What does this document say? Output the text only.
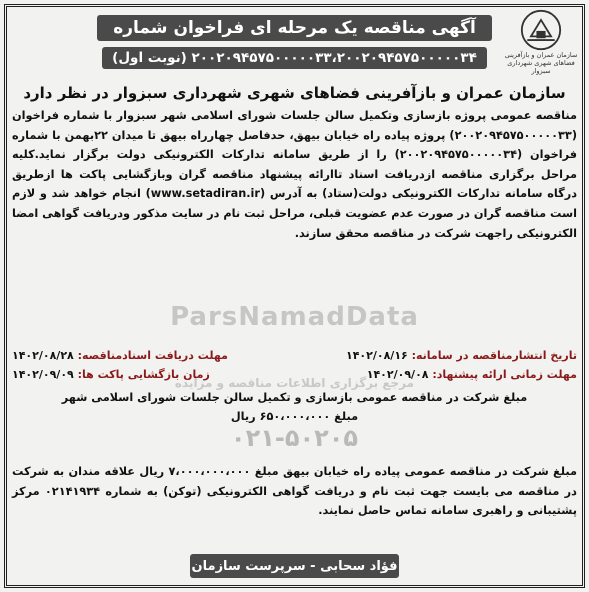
سازمان عمران و بازآفرینی فضاهای شهری شهرداری سبزوار
آگهی مناقصه یک مرحله ای فراخوان شماره
۲۰۰۲۰۹۴۵۷۵۰۰۰۰۰۳۳،۲۰۰۲۰۹۴۵۷۵۰۰۰۰۰۳۴ (نوبت اول)
ParsNamadData
مرجع برگزاری اطلاعات مناقصه و مزایده
۰۲۱-۵۰۲۰۵
سازمان عمران و بازآفرینی فضاهای شهری شهرداری سبزوار در نظر دارد
مناقصه عمومی پروژه بازسازی وتکمیل سالن جلسات شورای اسلامی شهر سبزوار با شماره فراخوان (۲۰۰۲۰۹۴۵۷۵۰۰۰۰۰۳۳) پروژه پیاده راه خیابان بیهق، حدفاصل چهارراه بیهق تا میدان ۲۲بهمن با شماره فراخوان (۲۰۰۲۰۹۴۵۷۵۰۰۰۰۰۳۴) را از طریق سامانه تدارکات الکترونیکی دولت برگزار نماید.کلیه مراحل برگزاری مناقصه ازدریافت اسناد تاارائه پیشنهاد مناقصه گران وبازگشایی پاکت ها ازطریق درگاه سامانه تدارکات الکترونیکی دولت(ستاد) به آدرس (www.setadiran.ir) انجام خواهد شد و لازم است مناقصه گران در صورت عدم عضویت قبلی، مراحل ثبت نام در سایت مذکور ودریافت گواهی امضا الکترونیکی راجهت شرکت در مناقصه محقق سازند.
تاریخ انتشارمناقصه در سامانه: ۱۴۰۲/۰۸/۱۶
مهلت دریافت اسنادمناقصه: ۱۴۰۲/۰۸/۲۸
مهلت زمانی ارائه پیشنهاد: ۱۴۰۲/۰۹/۰۸
زمان بازگشایی پاکت ها: ۱۴۰۲/۰۹/۰۹
مبلغ شرکت در مناقصه عمومی بازسازی و تکمیل سالن جلسات شورای اسلامی شهر
مبلغ ۶۵۰،۰۰۰،۰۰۰ ریال
مبلغ شرکت در مناقصه عمومی پیاده راه خیابان بیهق مبلغ ۷،۰۰۰،۰۰۰،۰۰۰ ریال علاقه مندان به شرکت در مناقصه می بایست جهت ثبت نام و دریافت گواهی الکترونیکی (توکن) به شماره ۰۲۱۴۱۹۳۴ مرکز پشتیبانی و راهبری سامانه تماس حاصل نمایند.
فؤاد سحابی - سرپرست سازمان
